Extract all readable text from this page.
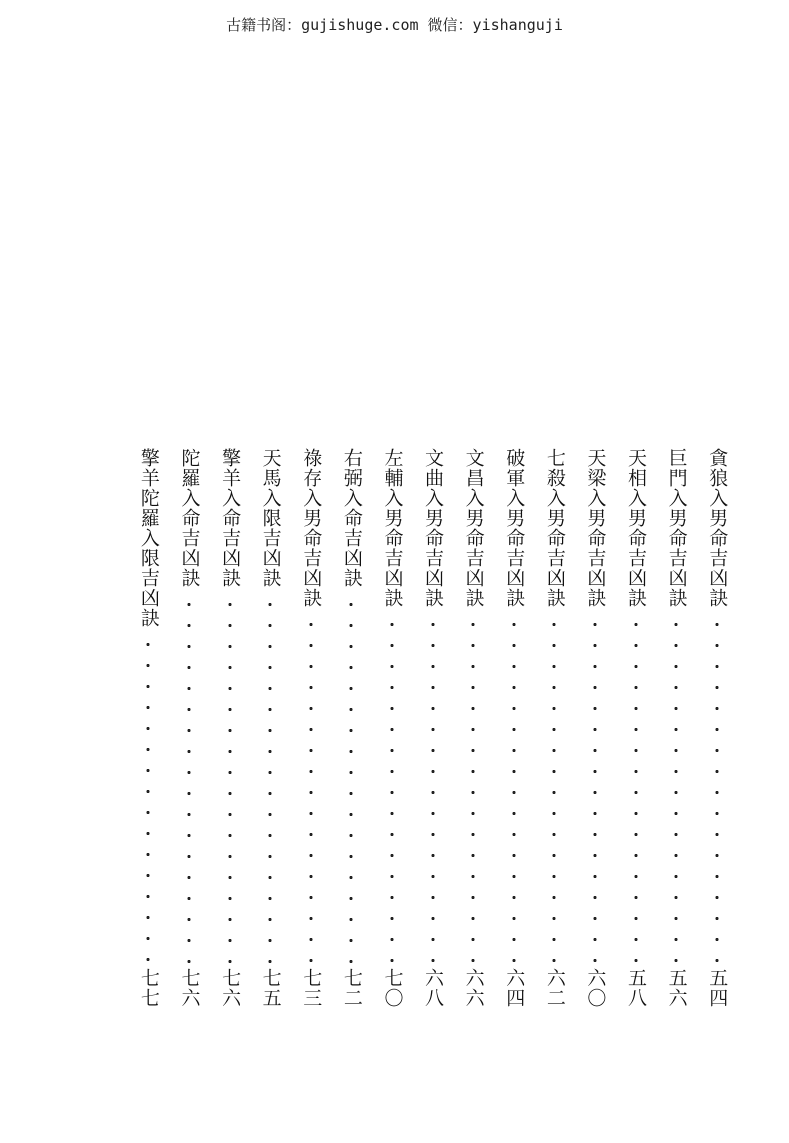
古籍书阁：gujishuge.com 微信：yishanguji
貪狼入男命吉凶訣
五四
巨門入男命吉凶訣
五六
天相入男命吉凶訣
五八
天梁入男命吉凶訣
六〇
七殺入男命吉凶訣
六二
破軍入男命吉凶訣
六四
文昌入男命吉凶訣
六六
文曲入男命吉凶訣
六八
左輔入男命吉凶訣
七〇
右弼入命吉凶訣
七二
祿存入男命吉凶訣
七三
天馬入限吉凶訣
七五
擎羊入命吉凶訣
七六
陀羅入命吉凶訣
七六
擎羊陀羅入限吉凶訣
七七
